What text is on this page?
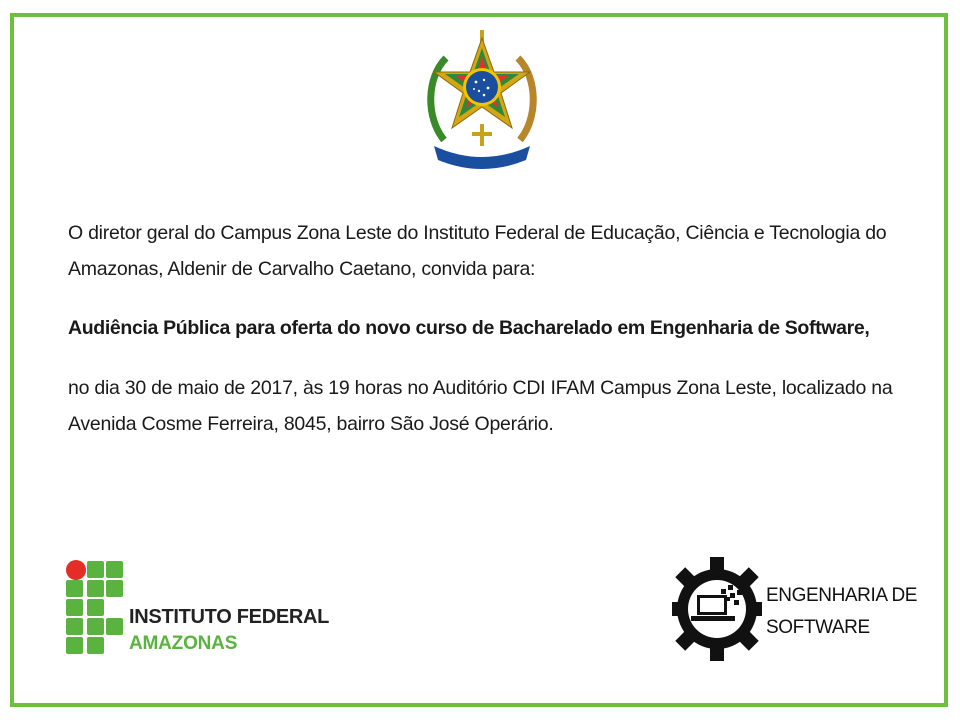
O diretor geral do Campus Zona Leste do Instituto Federal de Educação, Ciência e Tecnologia do Amazonas, Aldenir de Carvalho Caetano, convida para:
Audiência Pública para oferta do novo curso de Bacharelado em Engenharia de Software,
no dia 30 de maio de 2017, às 19 horas no Auditório CDI IFAM Campus Zona Leste, localizado na Avenida Cosme Ferreira, 8045, bairro São José Operário.
INSTITUTO FEDERAL
AMAZONAS
ENGENHARIA DE
SOFTWARE
